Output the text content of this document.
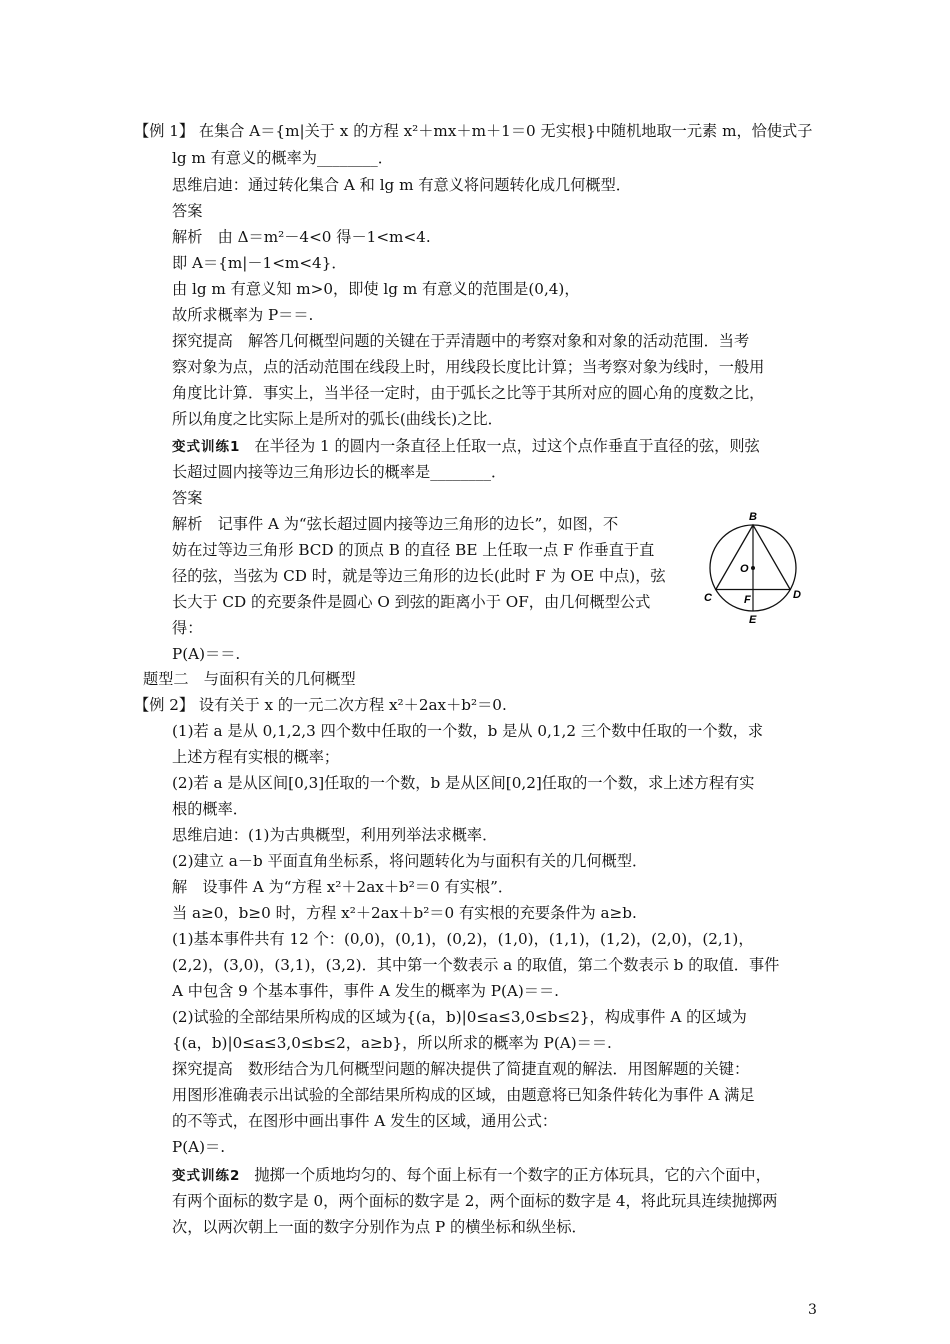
【例 1】 在集合 A＝{m|关于 x 的方程 x²＋mx＋m＋1＝0 无实根}中随机地取一元素 m，恰使式子
lg m 有意义的概率为________．
思维启迪：通过转化集合 A 和 lg m 有意义将问题转化成几何概型．
答案
解析　由 Δ＝m²－4<0 得－1<m<4.
即 A＝{m|－1<m<4}．
由 lg m 有意义知 m>0，即使 lg m 有意义的范围是(0,4)，
故所求概率为 P＝＝.
探究提高　解答几何概型问题的关键在于弄清题中的考察对象和对象的活动范围．当考
察对象为点，点的活动范围在线段上时，用线段长度比计算；当考察对象为线时，一般用
角度比计算．事实上，当半径一定时，由于弧长之比等于其所对应的圆心角的度数之比，
所以角度之比实际上是所对的弧长(曲线长)之比．
长超过圆内接等边三角形边长的概率是________．
答案
解析　记事件 A 为“弦长超过圆内接等边三角形的边长”，如图，不
妨在过等边三角形 BCD 的顶点 B 的直径 BE 上任取一点 F 作垂直于直
径的弦，当弦为 CD 时，就是等边三角形的边长(此时 F 为 OE 中点)，弦
长大于 CD 的充要条件是圆心 O 到弦的距离小于 OF，由几何概型公式
得：
P(A)＝＝.
题型二　与面积有关的几何概型
【例 2】 设有关于 x 的一元二次方程 x²＋2ax＋b²＝0.
(1)若 a 是从 0,1,2,3 四个数中任取的一个数，b 是从 0,1,2 三个数中任取的一个数，求
上述方程有实根的概率；
(2)若 a 是从区间[0,3]任取的一个数，b 是从区间[0,2]任取的一个数，求上述方程有实
根的概率．
思维启迪：(1)为古典概型，利用列举法求概率．
(2)建立 a－b 平面直角坐标系，将问题转化为与面积有关的几何概型．
解　设事件 A 为“方程 x²＋2ax＋b²＝0 有实根”．
当 a≥0，b≥0 时，方程 x²＋2ax＋b²＝0 有实根的充要条件为 a≥b.
(1)基本事件共有 12 个：(0,0)，(0,1)，(0,2)，(1,0)，(1,1)，(1,2)，(2,0)，(2,1)，
(2,2)，(3,0)，(3,1)，(3,2)．其中第一个数表示 a 的取值，第二个数表示 b 的取值．事件
A 中包含 9 个基本事件，事件 A 发生的概率为 P(A)＝＝.
(2)试验的全部结果所构成的区域为{(a，b)|0≤a≤3,0≤b≤2}，构成事件 A 的区域为
{(a，b)|0≤a≤3,0≤b≤2，a≥b}，所以所求的概率为 P(A)＝＝.
探究提高　数形结合为几何概型问题的解决提供了简捷直观的解法．用图解题的关键：
用图形准确表示出试验的全部结果所构成的区域，由题意将已知条件转化为事件 A 满足
的不等式，在图形中画出事件 A 发生的区域，通用公式：
P(A)＝.
有两个面标的数字是 0，两个面标的数字是 2，两个面标的数字是 4，将此玩具连续抛掷两
次，以两次朝上一面的数字分别作为点 P 的横坐标和纵坐标．
变式训练1 在半径为 1 的圆内一条直径上任取一点，过这个点作垂直于直径的弦，则弦
变式训练2 抛掷一个质地均匀的、每个面上标有一个数字的正方体玩具，它的六个面中，
B
C	D
E
F
O
3
